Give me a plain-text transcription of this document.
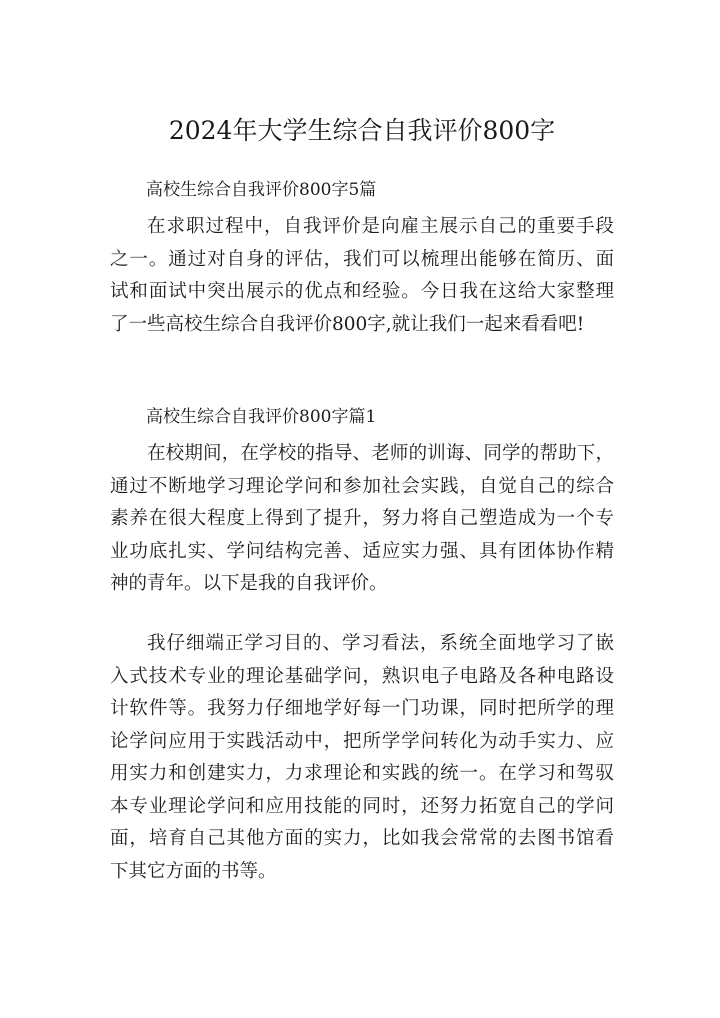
2024年大学生综合自我评价800字

高校生综合自我评价800字5篇

在求职过程中，自我评价是向雇主展示自己的重要手段
之一。通过对自身的评估，我们可以梳理出能够在简历、面
试和面试中突出展示的优点和经验。今日我在这给大家整理
了一些高校生综合自我评价800字,就让我们一起来看看吧!

高校生综合自我评价800字篇1

在校期间，在学校的指导、老师的训诲、同学的帮助下，
通过不断地学习理论学问和参加社会实践，自觉自己的综合
素养在很大程度上得到了提升，努力将自己塑造成为一个专
业功底扎实、学问结构完善、适应实力强、具有团体协作精
神的青年。以下是我的自我评价。
我仔细端正学习目的、学习看法，系统全面地学习了嵌
入式技术专业的理论基础学问，熟识电子电路及各种电路设
计软件等。我努力仔细地学好每一门功课，同时把所学的理
论学问应用于实践活动中，把所学学问转化为动手实力、应
用实力和创建实力，力求理论和实践的统一。在学习和驾驭
本专业理论学问和应用技能的同时，还努力拓宽自己的学问
面，培育自己其他方面的实力，比如我会常常的去图书馆看
下其它方面的书等。
